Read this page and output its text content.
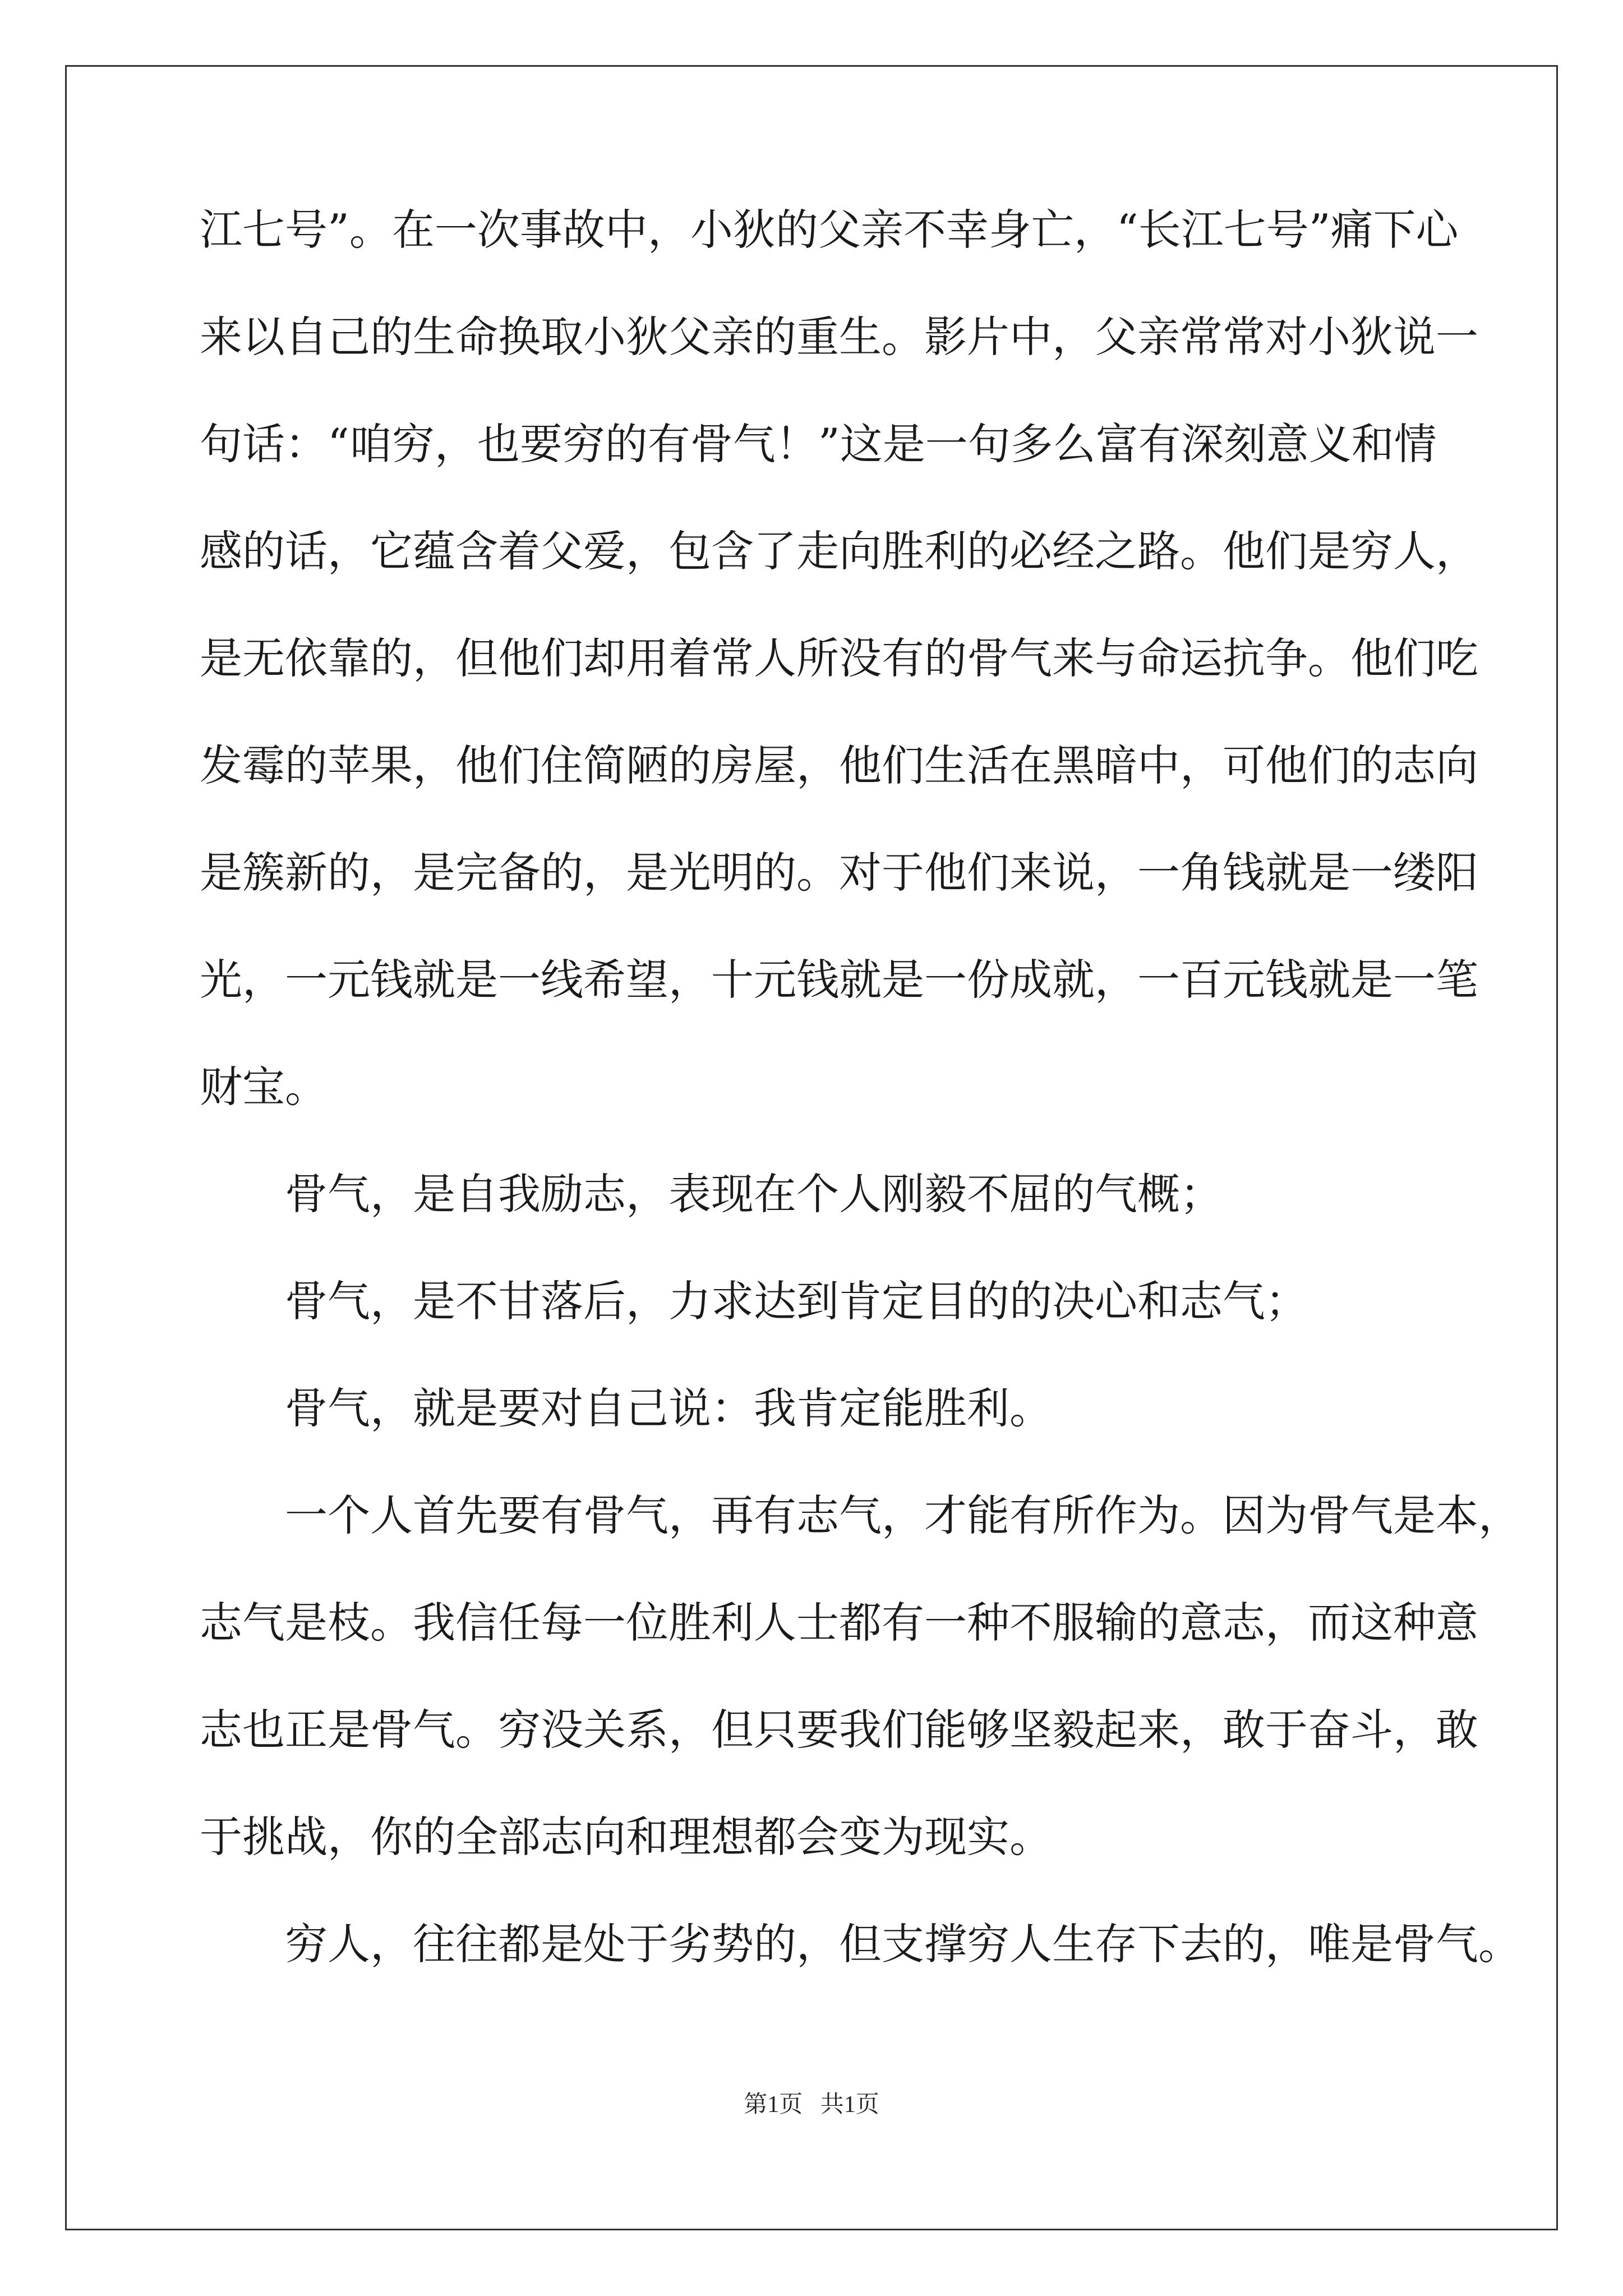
江七号”。在一次事故中，小狄的父亲不幸身亡，“长江七号”痛下心
来以自己的生命换取小狄父亲的重生。影片中，父亲常常对小狄说一
句话：“咱穷，也要穷的有骨气！”这是一句多么富有深刻意义和情
感的话，它蕴含着父爱，包含了走向胜利的必经之路。他们是穷人，
是无依靠的，但他们却用着常人所没有的骨气来与命运抗争。他们吃
发霉的苹果，他们住简陋的房屋，他们生活在黑暗中，可他们的志向
是簇新的，是完备的，是光明的。对于他们来说，一角钱就是一缕阳
光，一元钱就是一线希望，十元钱就是一份成就，一百元钱就是一笔
财宝。
骨气，是自我励志，表现在个人刚毅不屈的气概；
骨气，是不甘落后，力求达到肯定目的的决心和志气；
骨气，就是要对自己说：我肯定能胜利。
一个人首先要有骨气，再有志气，才能有所作为。因为骨气是本，
志气是枝。我信任每一位胜利人士都有一种不服输的意志，而这种意
志也正是骨气。穷没关系，但只要我们能够坚毅起来，敢于奋斗，敢
于挑战，你的全部志向和理想都会变为现实。
穷人，往往都是处于劣势的，但支撑穷人生存下去的，唯是骨气。
第1页   共1页
